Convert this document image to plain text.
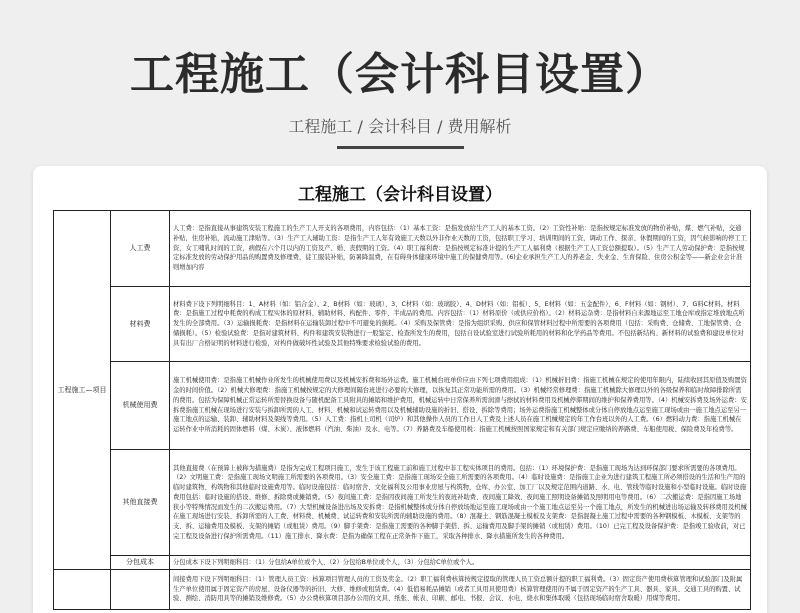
工程施工（会计科目设置）
工程施工 / 会计科目 / 费用解析
工程施工（会计科目设置）
工程施工—项目	人工费	人工费：是指直接从事建筑安装工程施工的生产工人开支的各项费用，内容包括：（1）基本工资：是指发放给生产工人的基本工资。（2）工资性补贴：是指按规定标准发放的物价补贴，煤、燃气补贴，交通补贴，住房补贴，流动施工津贴等。（3）生产工人辅助工资：是指生产工人年有效施工天数以外非作业天数的工资，包括职工学习、培训期间的工资，调动工作、探亲、休假期间的工资，因气候影响的停工工资，女工哺乳时间的工资，病假在六个月以内的工资及产、婚、丧假期的工资。（4）职工福利费：是指按规定标准计提的生产工人福利费（根据生产工人工资总额提取）。（5）生产工人劳动保护费：是指按规定标准发放的劳动保护用品的购置费及修理费，徒工服装补贴，防暑降温费，在有碍身体健康环境中施工的保健费用等。(6)企业承担生产工人的养老金、失业金、生育保险、住房公积金等——新企业会计准则增加内容
	材料费	材料费下设下列明细科目：1、A材料（如：铝合金）、2、B材料（如：玻璃）、3、C材料（如：玻璃胶）、4、D材料（如：铝板）、5、E材料（如：五金配件）、6、F材料（如：钢材）、7、G料C材料。材料费：是指施工过程中耗费的构成工程实体的原材料、辅助材料、构配件、零件、半成品的费用。内容包括：（1）材料原价（或供应价格）。（2）材料运杂费：是指材料自来源地运至工地仓库或指定堆放地点所发生的全部费用。（3）运输损耗费：是指材料在运输装卸过程中不可避免的损耗。（4）采购及保管费：是指为组织采购、供应和保管材料过程中所需要的各项费用（包括：采购费、仓储费、工地保管费、仓储损耗）。（5）检验试验费：是指对建筑材料、构件和建筑安装物进行一般鉴定、检查所发生的费用，包括自设试验室进行试验所耗用的材料和化学药品等费用。不包括新结构、新材料的试验费和建设单位对具有出厂合格证明的材料进行检验，对构件做破坏性试验及其他特殊要求检验试验的费用。
	机械使用费	施工机械使用费：是指施工机械作业所发生的机械使用费以及机械安拆费和场外运费。施工机械台班单价应由下列七项费用组成：（1）机械折旧费：指施工机械在规定的使用年限内，陆续收回其原值及购置资金的时间价值。（2）机械大修理费：指施工机械按规定的大修理间隔台班进行必要的大修理，以恢复其正常功能所需的费用。（3）机械经常修理费：指施工机械除大修理以外的各级保养和临时故障排除所需的费用。包括为保障机械正常运转所需替换设备与随机配备工具附具的摊销和维护费用，机械运转中日常保养所需润滑与擦拭的材料费用及机械停滞期间的维护和保养费用等。（4）机械安拆费及场外运费：安拆费指施工机械在现场进行安装与拆卸所需的人工、材料、机械和试运转费用以及机械辅助设施的折旧、搭设、拆除等费用；场外运费指施工机械整体或分体自停放地点运至施工现场或由一施工地点运至另一施工地点的运输、装卸、辅助材料及架线等费用。（5）人工费：指机上司机（司炉）和其他操作人员的工作日人工费及上述人员在施工机械规定的年工作台班以外的人工费。（6）燃料动力费：指施工机械在运转作业中所消耗的固体燃料（煤、木炭）、液体燃料（汽油、柴油）及水、电等。（7）养路费及车船使用税：指施工机械按照国家规定和有关部门规定应缴纳的养路费、车船使用税、保险费及年检费等。
	其他直接费	其他直接费（在预算上被称为措施费）是指为完成工程项目施工，发生于该工程施工前和施工过程中非工程实体项目的费用。包括：（1）环境保护费：是指施工现场为达到环保部门要求所需要的各项费用。（2）文明施工费：是指施工现场文明施工所需要的各项费用。（3）安全施工费：是指施工现场安全施工所需要的各项费用。（4）临时设施费：是指施工企业为进行建筑工程施工所必须搭设的生活和生产用的临时建筑物、构筑物和其他临时设施费用等。临时设施包括：临时宿舍、文化福利及公用事业房屋与构筑物，仓库、办公室、加工厂以及规定范围内道路、水、电、管线等临时设施和小型临时设施。临时设施费用包括：临时设施的搭设、维修、拆除费或摊销费。（5）夜间施工费：是指因夜间施工所发生的夜班补助费、夜间施工降效、夜间施工照明设备摊销及照明用电等费用。（6）二次搬运费：是指因施工场地狭小等特殊情况而发生的二次搬运费用。（7）大型机械设备进出场及安拆费：是指机械整体或分体自停放场地运至施工现场或由一个施工地点运至另一个施工地点，所发生的机械进出场运输及转移费用及机械在施工现场进行安装、拆卸所需的人工费、材料费、机械费、试运转费和安装所需的辅助设施的费用。（8）混凝土、钢筋混凝土模板及支架费：是指混凝土施工过程中需要的各种钢模板、木模板、支架等的支、拆、运输费用及模板、支架的摊销（或租赁）费用。（9）脚手架费：是指施工需要的各种脚手架搭、拆、运输费用及脚手架的摊销（或租赁）费用。（10）已完工程及设备保护费：是指竣工验收前，对已完工程及设备进行保护所需费用。（11）施工排水、降水费：是指为确保工程在正常条件下施工，采取各种排水、降水措施所发生的各种费用。
	分包成本	分包成本下设下列明细科目：（1）分包给A单位或个人、（2）分包给B单位或个人、（3）分包给C单位或个人。
		间接费用下设下列明细科目：（1）管理人员工资：核算项目管理人员的工资及奖金。（2）职工福利费核算按规定提取的管理人员工资总额计提的职工福利费。（3）固定资产使用费核算管理和试验部门及附属生产单位使用属于固定资产的房屋、设备仪器等的折旧、大修、维修或租赁费。（4）低值易耗品摊销（或者工具用具使用费）核算管理使用的不属于固定资产的生产工具、器具、家具、交通工具的购置、试验、测绘、消防用具等的摊销及维修费。（5）办公费核算项目部办公用的文具、纸张、帐表、印刷、邮电、书报、会议、水电、烧水和集体取暖（包括现场临时宿舍取暖）用煤等费用。
